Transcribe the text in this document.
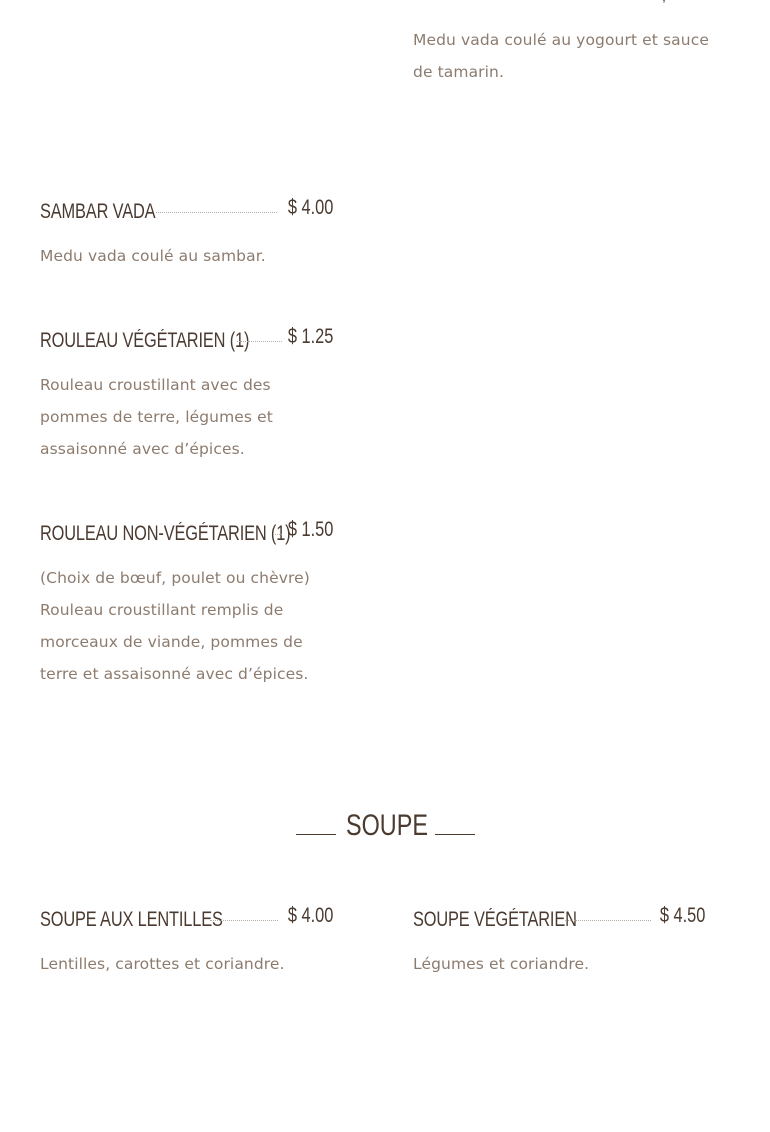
Medu vada coulé au yogourt et sauce de tamarin.

SAMBAR VADA	$ 4.00

Medu vada coulé au sambar.

ROULEAU VÉGÉTARIEN (1) $ 1.25

Rouleau croustillant avec des pommes de terre, légumes et assaisonné avec d’épices.

ROULEAU NON-VÉGÉTARIEN (1)
$ 1.50

(Choix de bœuf, poulet ou chèvre) Rouleau croustillant remplis de morceaux de viande, pommes de terre et assaisonné avec d’épices.

SOUPE
SOUPE AUX LENTILLES	$ 4.00

Lentilles, carottes et coriandre.

SOUPE VÉGÉTARIEN	$ 4.50

Légumes et coriandre.
